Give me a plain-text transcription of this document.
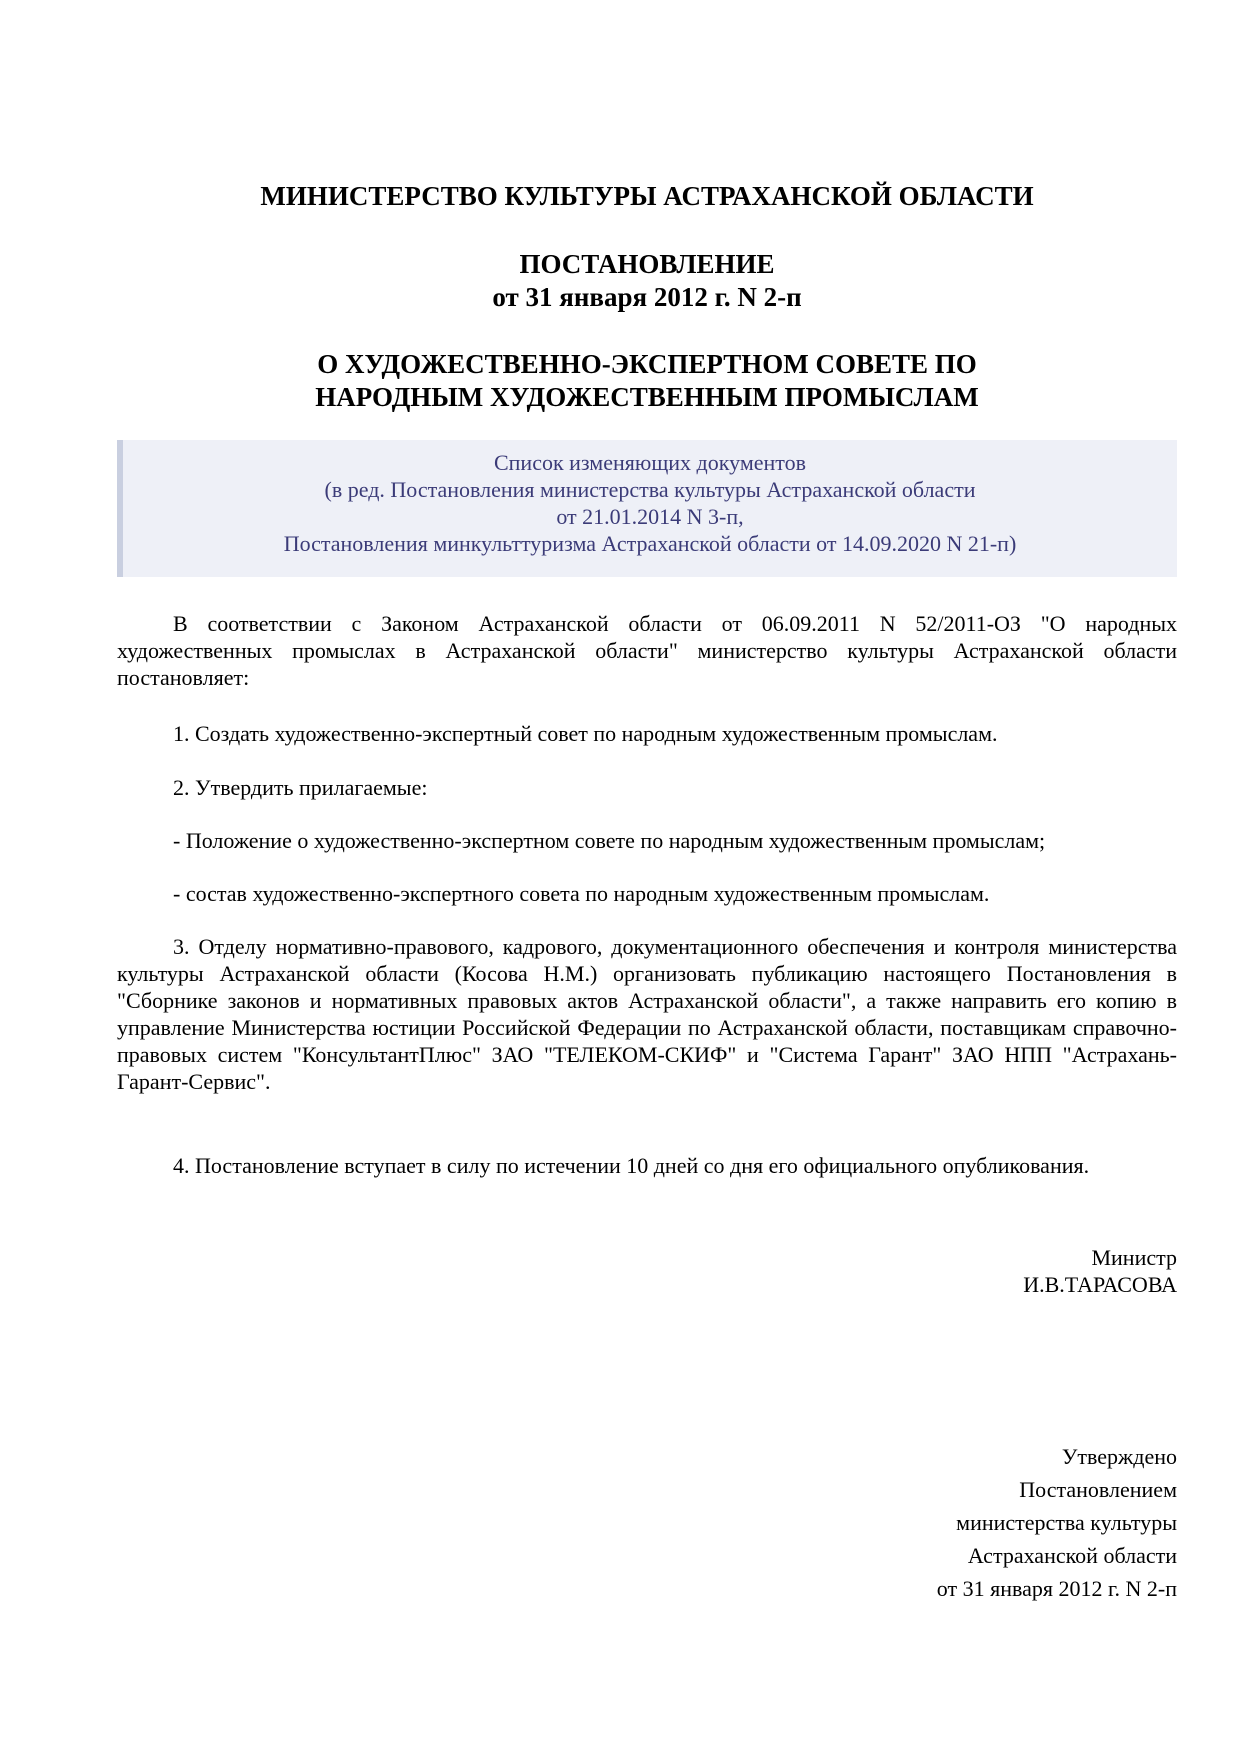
МИНИСТЕРСТВО КУЛЬТУРЫ АСТРАХАНСКОЙ ОБЛАСТИ
ПОСТАНОВЛЕНИЕ
от 31 января 2012 г. N 2-п
О ХУДОЖЕСТВЕННО-ЭКСПЕРТНОМ СОВЕТЕ ПО
НАРОДНЫМ ХУДОЖЕСТВЕННЫМ ПРОМЫСЛАМ
Список изменяющих документов
(в ред. Постановления министерства культуры Астраханской области
от 21.01.2014 N 3-п,
Постановления минкульттуризма Астраханской области от 14.09.2020 N 21-п)

В соответствии с Законом Астраханской области от 06.09.2011 N 52/2011-ОЗ "О народных художественных промыслах в Астраханской области" министерство культуры Астраханской области постановляет:

1. Создать художественно-экспертный совет по народным художественным промыслам.

2. Утвердить прилагаемые:

- Положение о художественно-экспертном совете по народным художественным промыслам;

- состав художественно-экспертного совета по народным художественным промыслам.

3. Отделу нормативно-правового, кадрового, документационного обеспечения и контроля министерства культуры Астраханской области (Косова Н.М.) организовать публикацию настоящего Постановления в "Сборнике законов и нормативных правовых актов Астраханской области", а также направить его копию в управление Министерства юстиции Российской Федерации по Астраханской области, поставщикам справочно-правовых систем "КонсультантПлюс" ЗАО "ТЕЛЕКОМ-СКИФ" и "Система Гарант" ЗАО НПП "Астрахань-Гарант-Сервис".

4. Постановление вступает в силу по истечении 10 дней со дня его официального опубликования.

Министр
И.В.ТАРАСОВА
Утверждено
Постановлением
министерства культуры
Астраханской области
от 31 января 2012 г. N 2-п
